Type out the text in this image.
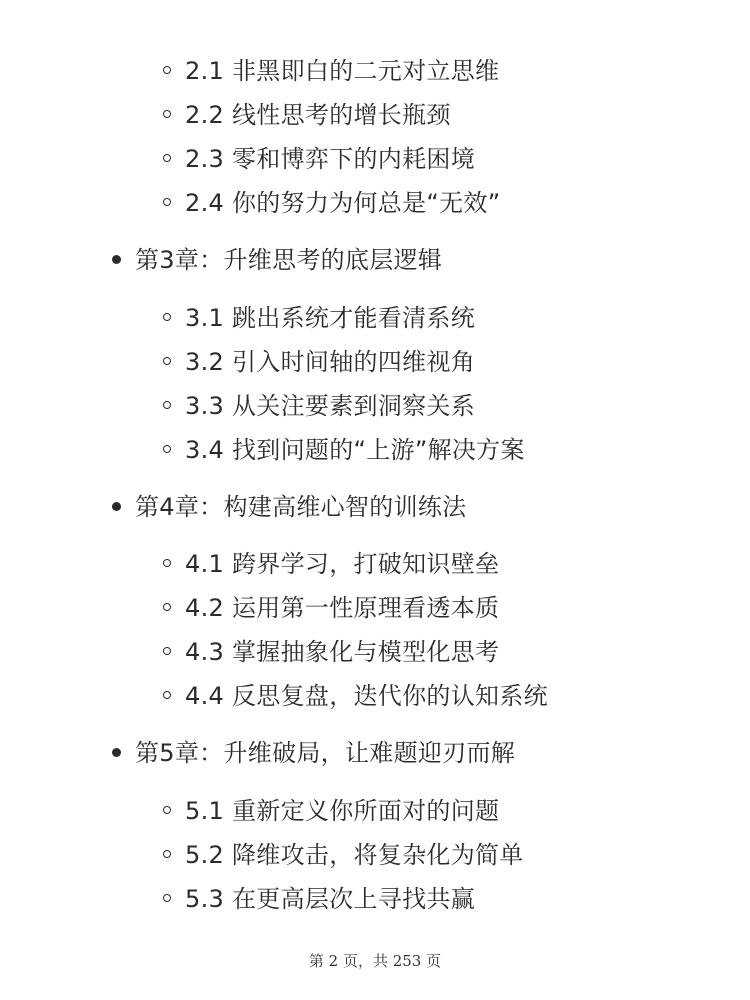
2.1 非黑即白的二元对立思维
2.2 线性思考的增长瓶颈
2.3 零和博弈下的内耗困境
2.4 你的努力为何总是“无效”
第3章：升维思考的底层逻辑
3.1 跳出系统才能看清系统
3.2 引入时间轴的四维视角
3.3 从关注要素到洞察关系
3.4 找到问题的“上游”解决方案
第4章：构建高维心智的训练法
4.1 跨界学习，打破知识壁垒
4.2 运用第一性原理看透本质
4.3 掌握抽象化与模型化思考
4.4 反思复盘，迭代你的认知系统
第5章：升维破局，让难题迎刃而解
5.1 重新定义你所面对的问题
5.2 降维攻击，将复杂化为简单
5.3 在更高层次上寻找共赢
第 2 页，共 253 页
